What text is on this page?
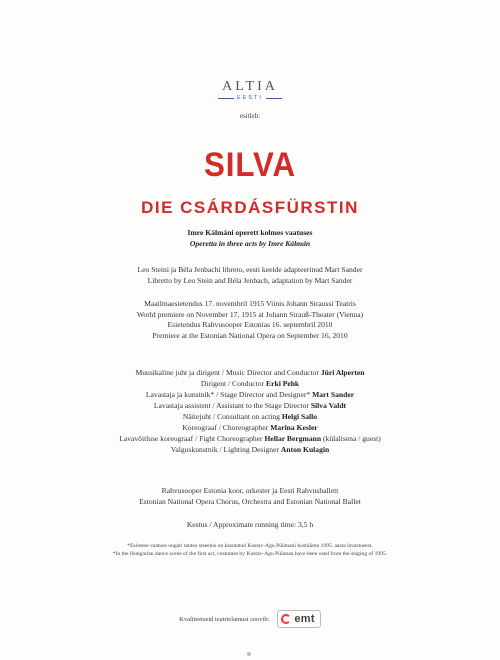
ALTIA
EESTI
esitleb:
SILVA
DIE CSÁRDÁSFÜRSTIN
Imre Kálmáni operett kolmes vaatuses
Operetta in three acts by Imre Kálmán
Leo Steini ja Béla Jenbachi libreto, eesti keelde adapteerinud Mart Sander
Libretto by Leo Stein and Béla Jenbach, adaptation by Mart Sander
Maailmaesietendus 17. novembril 1915 Viinis Johann Straussi Teatris
World premiere on November 17, 1915 at Johann Strauß-Theater (Vienna)
Esietendus Rahvusooper Estonias 16. septembril 2010
Premiere at the Estonian National Opera on September 16, 2010
Muusikaline juht ja dirigent / Music Director and Conductor Jüri Alperten
Dirigent / Conductor Erki Pehk
Lavastaja ja kunstnik* / Stage Director and Designer* Mart Sander
Lavastaja assistent / Assistant to the Stage Director Silva Valdt
Näitejuht / Consultant on acting Helgi Sallo
Koreograaf / Choreographer Marina Kesler
Lavavõitluse koreograaf / Fight Choreographer Hellar Bergmann (külalisena / guest)
Valguskunstnik / Lighting Designer Anton Kulagin
Rahvusooper Estonia koor, orkester ja Eesti Rahvusballett
Estonian National Opera Chorus, Orchestra and Estonian National Ballet
Kestus / Approximate running time: 3,5 h
*Esimese vaatuse ungari tantsu stseenis on kasutatud Kustav-Agu Püümani kostüüme 1995. aasta lavastusest.
*In the Hungarian dance scene of the first act, costumes by Kustav-Agu Püüman have been used from the staging of 1995.
Kvaliteetseid teatrielamusi soovib: emt
